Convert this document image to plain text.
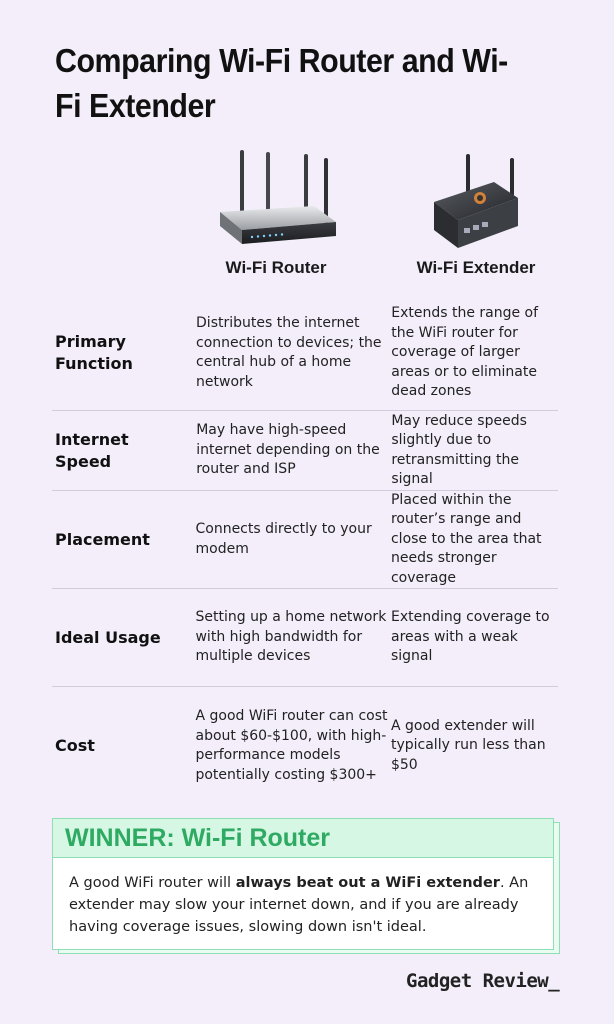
Comparing Wi-Fi Router and Wi-Fi Extender
Wi-Fi Router	Wi-Fi Extender
Primary Function
Distributes the internet connection to devices; the central hub of a home network
Extends the range of the WiFi router for coverage of larger areas or to eliminate dead zones
Internet Speed
May have high-speed internet depending on the router and ISP
May reduce speeds slightly due to retransmitting the signal
Placement
Connects directly to your modem
Placed within the router’s range and close to the area that needs stronger coverage
Ideal Usage
Setting up a home network with high bandwidth for multiple devices
Extending coverage to areas with a weak signal
Cost
A good WiFi router can cost about $60-$100, with high-performance models potentially costing $300+
A good extender will typically run less than $50
WINNER: Wi-Fi Router
A good WiFi router will always beat out a WiFi extender. An extender may slow your internet down, and if you are already having coverage issues, slowing down isn't ideal.
Gadget Review_
